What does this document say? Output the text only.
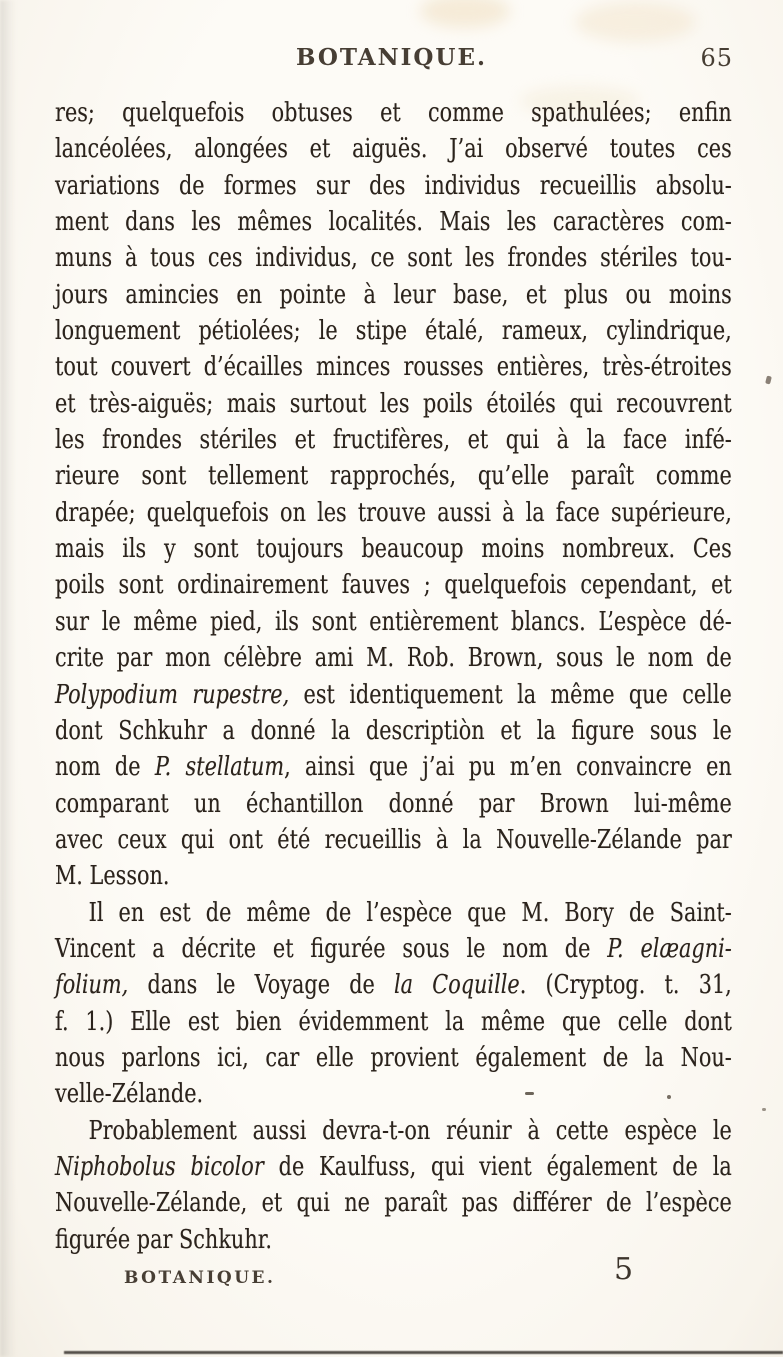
BOTANIQUE.	65
res; quelquefois obtuses et comme spathulées; enfin
lancéolées, alongées et aiguës. J’ai observé toutes ces
variations de formes sur des individus recueillis absolu-
ment dans les mêmes localités. Mais les caractères com-
muns à tous ces individus, ce sont les frondes stériles tou-
jours amincies en pointe à leur base, et plus ou moins
longuement pétiolées; le stipe étalé, rameux, cylindrique,
tout couvert d’écailles minces rousses entières, très-étroites
et très-aiguës; mais surtout les poils étoilés qui recouvrent
les frondes stériles et fructifères, et qui à la face infé-
rieure sont tellement rapprochés, qu’elle paraît comme
drapée; quelquefois on les trouve aussi à la face supérieure,
mais ils y sont toujours beaucoup moins nombreux. Ces
poils sont ordinairement fauves ; quelquefois cependant, et
sur le même pied, ils sont entièrement blancs. L’espèce dé-
crite par mon célèbre ami M. Rob. Brown, sous le nom de
Polypodium rupestre, est identiquement la même que celle
dont Schkuhr a donné la descriptiòn et la figure sous le
nom de P. stellatum, ainsi que j’ai pu m’en convaincre en
comparant un échantillon donné par Brown lui-même
avec ceux qui ont été recueillis à la Nouvelle-Zélande par
M. Lesson.
Il en est de même de l’espèce que M. Bory de Saint-
Vincent a décrite et figurée sous le nom de P. elæagni-
folium, dans le Voyage de la Coquille. (Cryptog. t. 31,
f. 1.) Elle est bien évidemment la même que celle dont
nous parlons ici, car elle provient également de la Nou-
velle-Zélande.
Probablement aussi devra-t-on réunir à cette espèce le
Niphobolus bicolor de Kaulfuss, qui vient également de la
Nouvelle-Zélande, et qui ne paraît pas différer de l’espèce
figurée par Schkuhr.
BOTANIQUE.	5
